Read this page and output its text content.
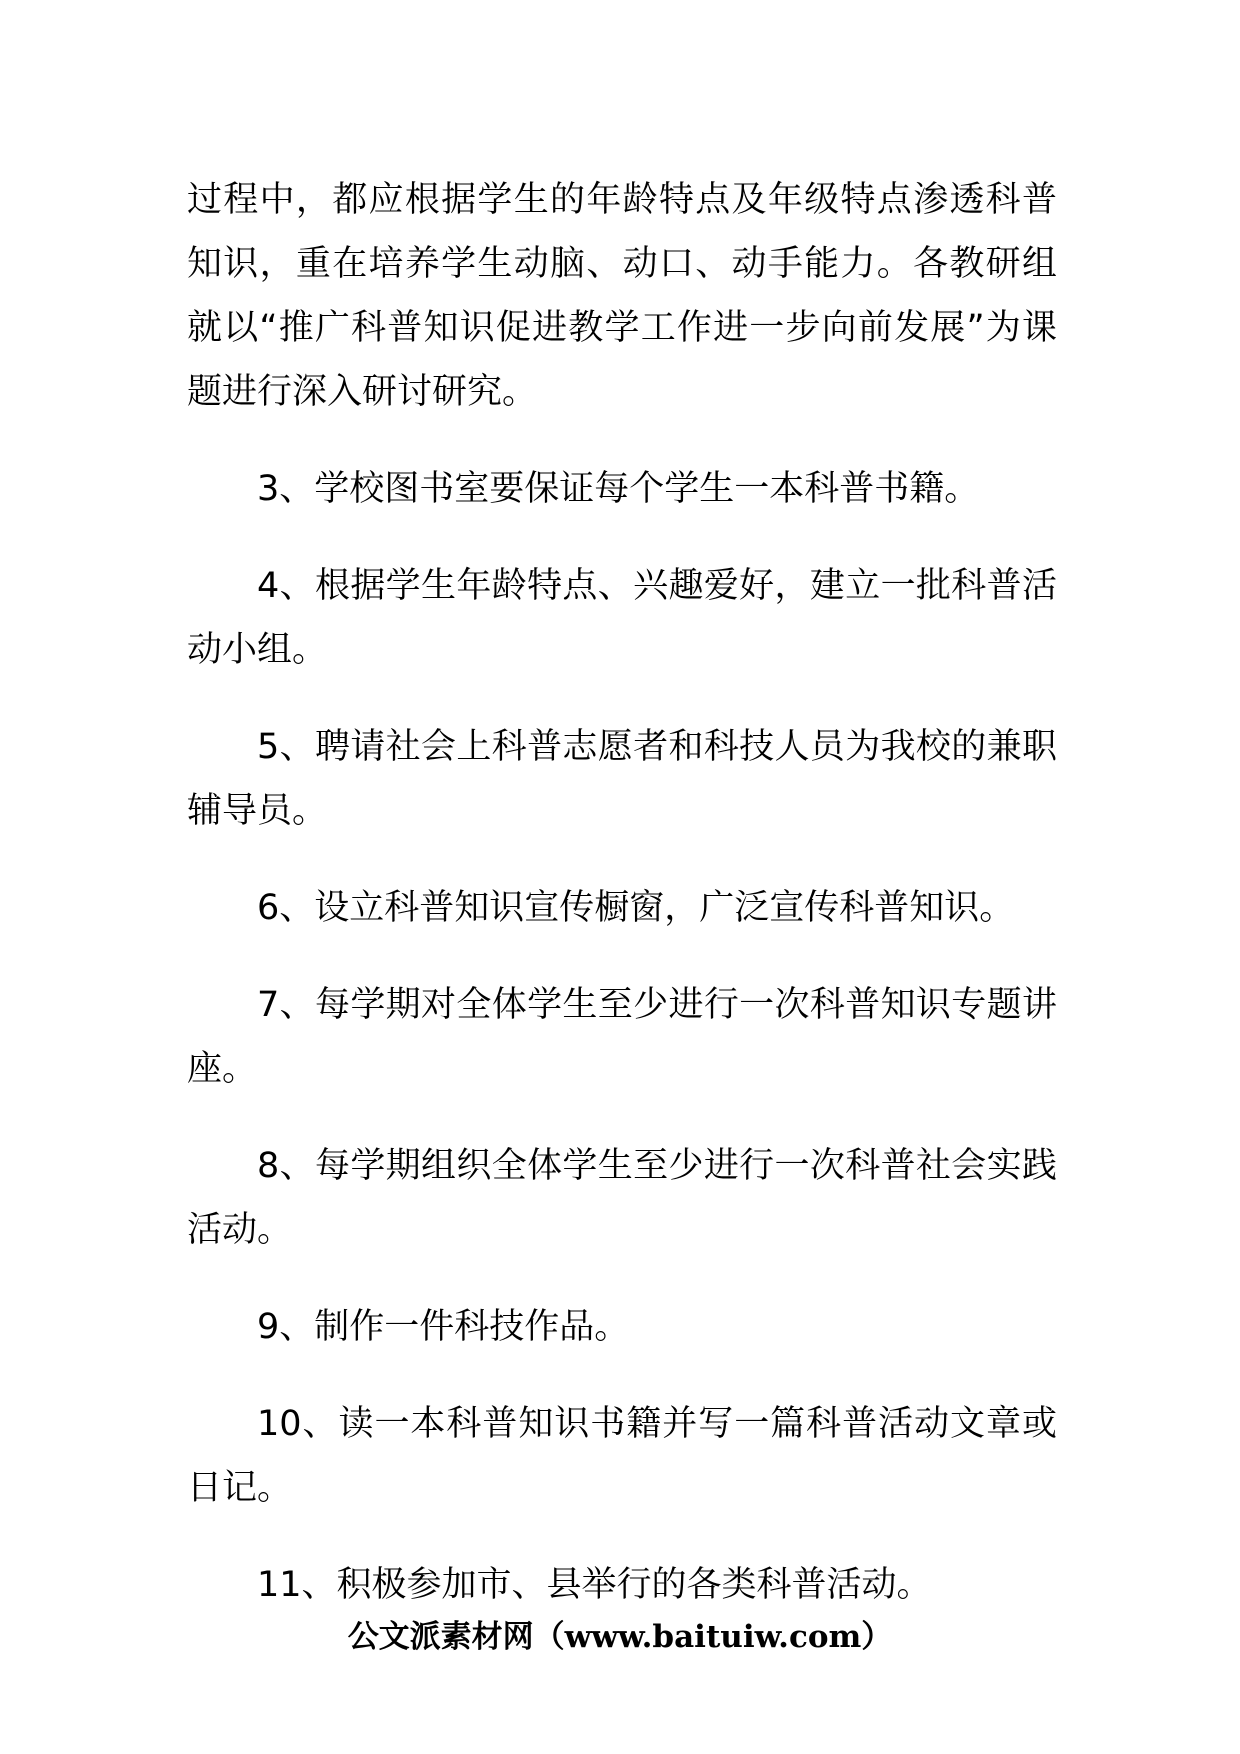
过程中，都应根据学生的年龄特点及年级特点渗透科普知识，重在培养学生动脑、动口、动手能力。各教研组就以“推广科普知识促进教学工作进一步向前发展”为课题进行深入研讨研究。

3、学校图书室要保证每个学生一本科普书籍。

4、根据学生年龄特点、兴趣爱好，建立一批科普活动小组。

5、聘请社会上科普志愿者和科技人员为我校的兼职辅导员。

6、设立科普知识宣传橱窗，广泛宣传科普知识。

7、每学期对全体学生至少进行一次科普知识专题讲座。

8、每学期组织全体学生至少进行一次科普社会实践活动。

9、制作一件科技作品。

10、读一本科普知识书籍并写一篇科普活动文章或日记。

11、积极参加市、县举行的各类科普活动。

公文派素材网（www.baituiw.com）
